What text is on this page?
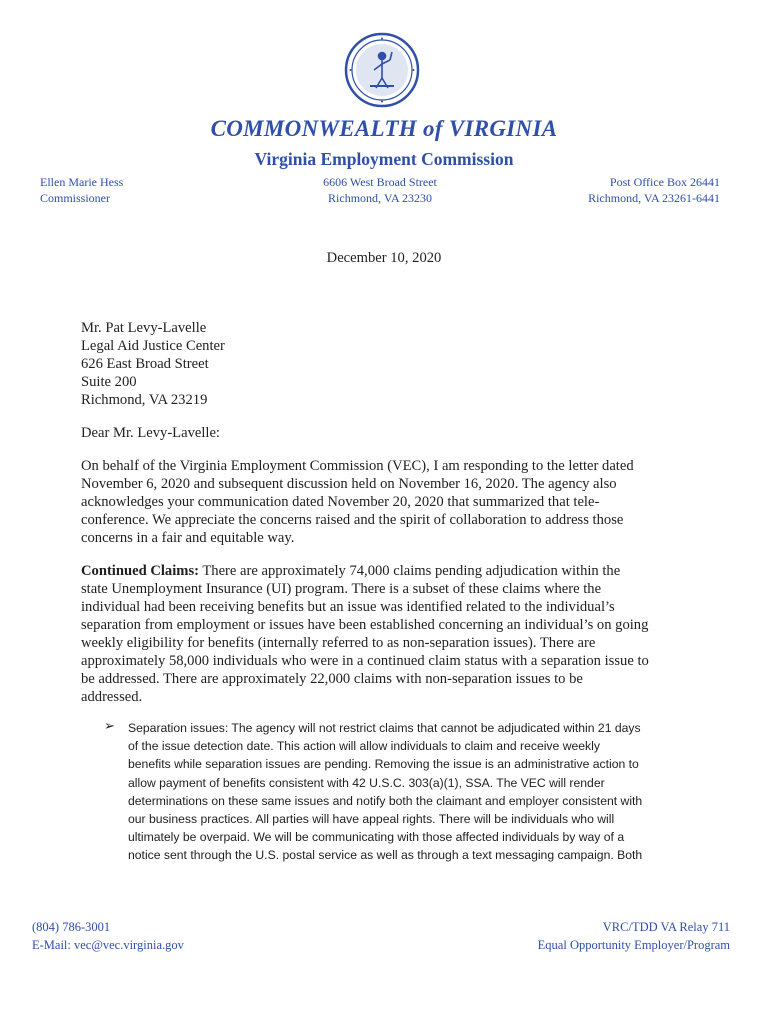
COMMONWEALTH of VIRGINIA
Virginia Employment Commission
Ellen Marie Hess
Commissioner
6606 West Broad Street
Richmond, VA 23230
Post Office Box 26441
Richmond, VA 23261-6441
December 10, 2020
Mr. Pat Levy-Lavelle
Legal Aid Justice Center
626 East Broad Street
Suite 200
Richmond, VA 23219
Dear Mr. Levy-Lavelle:
On behalf of the Virginia Employment Commission (VEC), I am responding to the letter dated
November 6, 2020 and subsequent discussion held on November 16, 2020. The agency also
acknowledges your communication dated November 20, 2020 that summarized that tele-
conference. We appreciate the concerns raised and the spirit of collaboration to address those
concerns in a fair and equitable way.
Continued Claims: There are approximately 74,000 claims pending adjudication within the
state Unemployment Insurance (UI) program. There is a subset of these claims where the
individual had been receiving benefits but an issue was identified related to the individual’s
separation from employment or issues have been established concerning an individual’s on going
weekly eligibility for benefits (internally referred to as non-separation issues). There are
approximately 58,000 individuals who were in a continued claim status with a separation issue to
be addressed. There are approximately 22,000 claims with non-separation issues to be
addressed.
➢ Separation issues: The agency will not restrict claims that cannot be adjudicated within 21 days
of the issue detection date. This action will allow individuals to claim and receive weekly
benefits while separation issues are pending. Removing the issue is an administrative action to
allow payment of benefits consistent with 42 U.S.C. 303(a)(1), SSA. The VEC will render
determinations on these same issues and notify both the claimant and employer consistent with
our business practices. All parties will have appeal rights. There will be individuals who will
ultimately be overpaid. We will be communicating with those affected individuals by way of a
notice sent through the U.S. postal service as well as through a text messaging campaign. Both
(804) 786-3001
E-Mail: vec@vec.virginia.gov
VRC/TDD VA Relay 711
Equal Opportunity Employer/Program
